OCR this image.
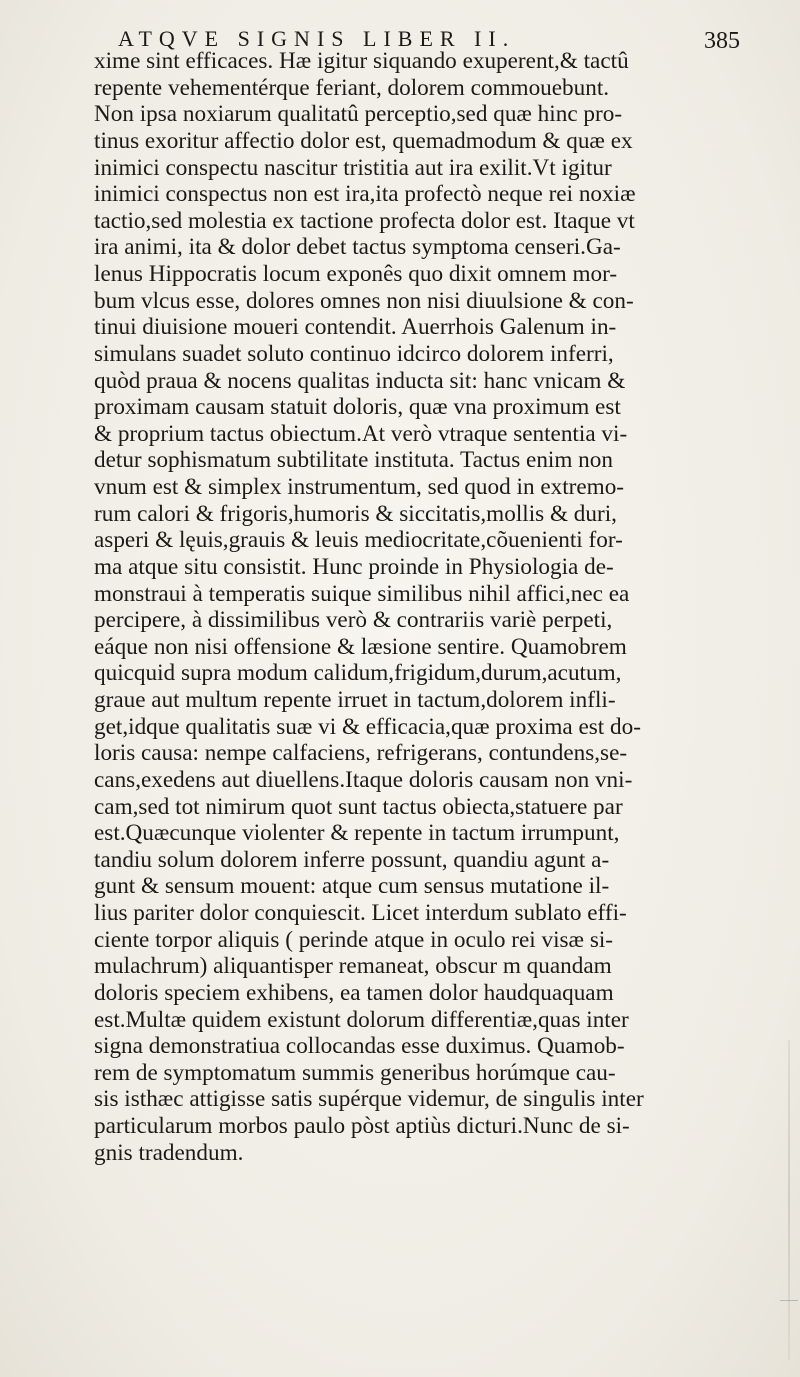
ATQVE SIGNIS LIBER II.	385
xime sint efficaces. Hæ igitur siquando exuperent,& tactû
repente vehementérque feriant, dolorem commouebunt.
Non ipsa noxiarum qualitatû perceptio,sed quæ hinc pro-
tinus exoritur affectio dolor est, quemadmodum & quæ ex
inimici conspectu nascitur tristitia aut ira exilit.Vt igitur
inimici conspectus non est ira,ita profectò neque rei noxiæ
tactio,sed molestia ex tactione profecta dolor est. Itaque vt
ira animi, ita & dolor debet tactus symptoma censeri.Ga-
lenus Hippocratis locum exponês quo dixit omnem mor-
bum vlcus esse, dolores omnes non nisi diuulsione & con-
tinui diuisione moueri contendit. Auerrhois Galenum in-
simulans suadet soluto continuo idcirco dolorem inferri,
quòd praua & nocens qualitas inducta sit: hanc vnicam &
proximam causam statuit doloris, quæ vna proximum est
& proprium tactus obiectum.At verò vtraque sententia vi-
detur sophismatum subtilitate instituta. Tactus enim non
vnum est & simplex instrumentum, sed quod in extremo-
rum calori & frigoris,humoris & siccitatis,mollis & duri,
asperi & lęuis,grauis & leuis mediocritate,cõuenienti for-
ma atque situ consistit. Hunc proinde in Physiologia de-
monstraui à temperatis suique similibus nihil affici,nec ea
percipere, à dissimilibus verò & contrariis variè perpeti,
eáque non nisi offensione & læsione sentire. Quamobrem
quicquid supra modum calidum,frigidum,durum,acutum,
graue aut multum repente irruet in tactum,dolorem infli-
get,idque qualitatis suæ vi & efficacia,quæ proxima est do-
loris causa: nempe calfaciens, refrigerans, contundens,se-
cans,exedens aut diuellens.Itaque doloris causam non vni-
cam,sed tot nimirum quot sunt tactus obiecta,statuere par
est.Quæcunque violenter & repente in tactum irrumpunt,
tandiu solum dolorem inferre possunt, quandiu agunt a-
gunt & sensum mouent: atque cum sensus mutatione il-
lius pariter dolor conquiescit. Licet interdum sublato effi-
ciente torpor aliquis ( perinde atque in oculo rei visæ si-
mulachrum) aliquantisper remaneat, obscur m quandam
doloris speciem exhibens, ea tamen dolor haudquaquam
est.Multæ quidem existunt dolorum differentiæ,quas inter
signa demonstratiua collocandas esse duximus. Quamob-
rem de symptomatum summis generibus horúmque cau-
sis isthæc attigisse satis supérque videmur, de singulis inter
particularum morbos paulo pòst aptiùs dicturi.Nunc de si-
gnis tradendum.
